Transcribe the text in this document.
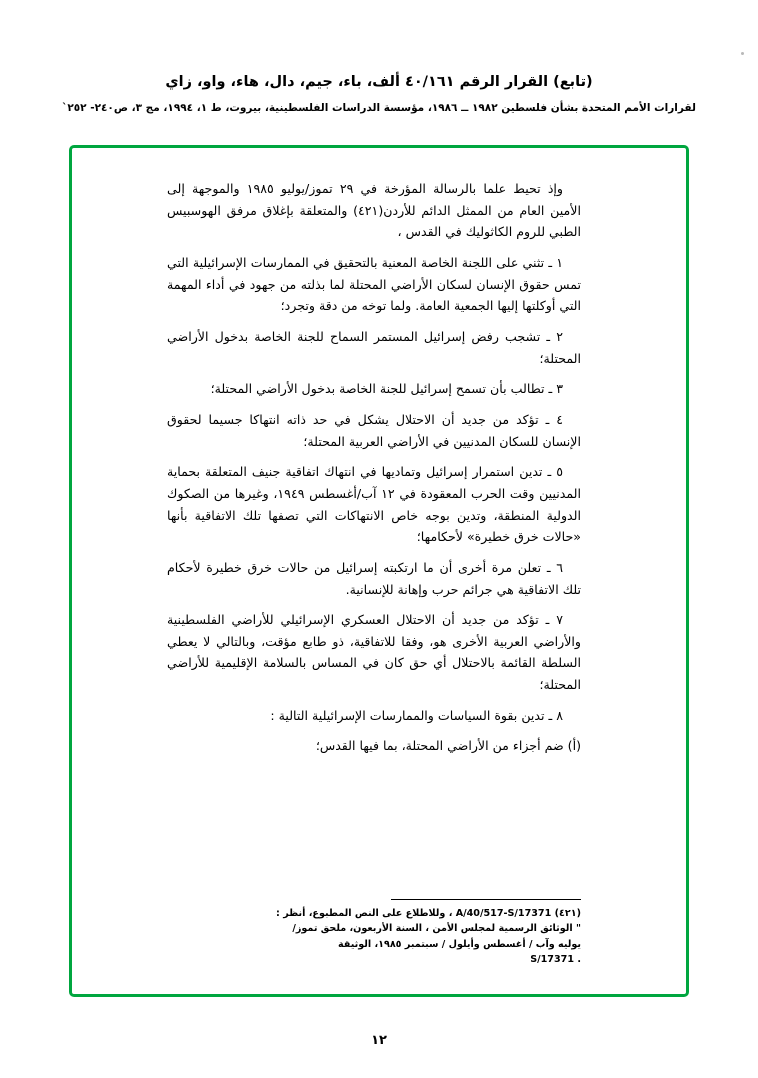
(تابع) القرار الرقم ٤٠/١٦١ ألف، باء، جيم، دال، هاء، واو، زاي
لقرارات الأمم المتحدة بشأن فلسطين ١٩٨٢ ــ ١٩٨٦، مؤسسة الدراسات الفلسطينية، بيروت، ط ١، ١٩٩٤، مج ٣، ص٢٤٠- ٢٥٢`

وإذ تحيط علما بالرسالة المؤرخة في ٢٩ تموز/يوليو ١٩٨٥ والموجهة إلى الأمين العام من الممثل الدائم للأردن(٤٢١) والمتعلقة بإغلاق مرفق الهوسبيس الطبي للروم الكاثوليك في القدس ،

١ ـ تثني على اللجنة الخاصة المعنية بالتحقيق في الممارسات الإسرائيلية التي تمس حقوق الإنسان لسكان الأراضي المحتلة لما بذلته من جهود في أداء المهمة التي أوكلتها إليها الجمعية العامة. ولما توخه من دقة وتجرد؛

٢ ـ تشجب رفض إسرائيل المستمر السماح للجنة الخاصة بدخول الأراضي المحتلة؛

٣ ـ تطالب بأن تسمح إسرائيل للجنة الخاصة بدخول الأراضي المحتلة؛

٤ ـ تؤكد من جديد أن الاحتلال يشكل في حد ذاته انتهاكا جسيما لحقوق الإنسان للسكان المدنيين في الأراضي العربية المحتلة؛

٥ ـ تدين استمرار إسرائيل وتماديها في انتهاك اتفاقية جنيف المتعلقة بحماية المدنيين وقت الحرب المعقودة في ١٢ آب/أغسطس ١٩٤٩، وغيرها من الصكوك الدولية المنطقة، وتدين بوجه خاص الانتهاكات التي تصفها تلك الاتفاقية بأنها «حالات خرق خطيرة» لأحكامها؛

٦ ـ تعلن مرة أخرى أن ما ارتكبته إسرائيل من حالات خرق خطيرة لأحكام تلك الاتفاقية هي جرائم حرب وإهانة للإنسانية.

٧ ـ تؤكد من جديد أن الاحتلال العسكري الإسرائيلي للأراضي الفلسطينية والأراضي العربية الأخرى هو، وفقا للاتفاقية، ذو طابع مؤقت، وبالتالي لا يعطي السلطة القائمة بالاحتلال أي حق كان في المساس بالسلامة الإقليمية للأراضي المحتلة؛

٨ ـ تدين بقوة السياسات والممارسات الإسرائيلية التالية :

(أ) ضم أجزاء من الأراضي المحتلة، بما فيها القدس؛

(٤٢١) A/40/517-S/17371 ، وللاطلاع على النص المطبوع، أنظر :
" الوثائق الرسمية لمجلس الأمن ، السنة الأربعون، ملحق تموز/
يوليه وآب / أغسطس وأيلول / سبتمبر ١٩٨٥، الوثيقة
. S/17371
١٢
